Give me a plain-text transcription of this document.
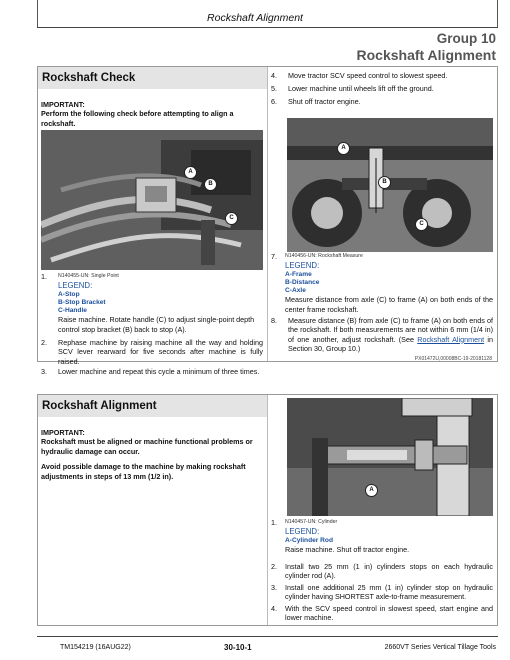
Rockshaft Alignment
Group 10
Rockshaft Alignment
Rockshaft Check
IMPORTANT:
Perform the following check before attempting to align a rockshaft.
A
B
C
1. N140455-UN: Single Point
LEGEND:
A-Stop
B-Stop Bracket
C-Handle
Raise machine. Rotate handle (C) to adjust single-point depth control stop bracket (B) back to stop (A).
2. Rephase machine by raising machine all the way and holding SCV lever rearward for five seconds after machine is fully raised.
3. Lower machine and repeat this cycle a minimum of three times.
4. Move tractor SCV speed control to slowest speed.
5. Lower machine until wheels lift off the ground.
6. Shut off tractor engine.
A
B
C
7. N140456-UN: Rockshaft Measure
LEGEND:
A-Frame
B-Distance
C-Axle
Measure distance from axle (C) to frame (A) on both ends of the center frame rockshaft.
8. Measure distance (B) from axle (C) to frame (A) on both ends of the rockshaft. If both measurements are not within 6 mm (1/4 in) of one another, adjust rockshaft. (See Rockshaft Alignment in Section 30, Group 10.)
PX01472U,00008BC-19-20181128
Rockshaft Alignment
IMPORTANT:
Rockshaft must be aligned or machine functional problems or hydraulic damage can occur.
Avoid possible damage to the machine by making rockshaft adjustments in steps of 13 mm (1/2 in).
A
1. N140457-UN: Cylinder
LEGEND:
A-Cylinder Rod
Raise machine. Shut off tractor engine.
2. Install two 25 mm (1 in) cylinders stops on each hydraulic cylinder rod (A).
3. Install one additional 25 mm (1 in) cylinder stop on hydraulic cylinder having SHORTEST axle-to-frame measurement.
4. With the SCV speed control in slowest speed, start engine and lower machine.
TM154219 (16AUG22)	30-10-1	2660VT Series Vertical Tillage Tools
